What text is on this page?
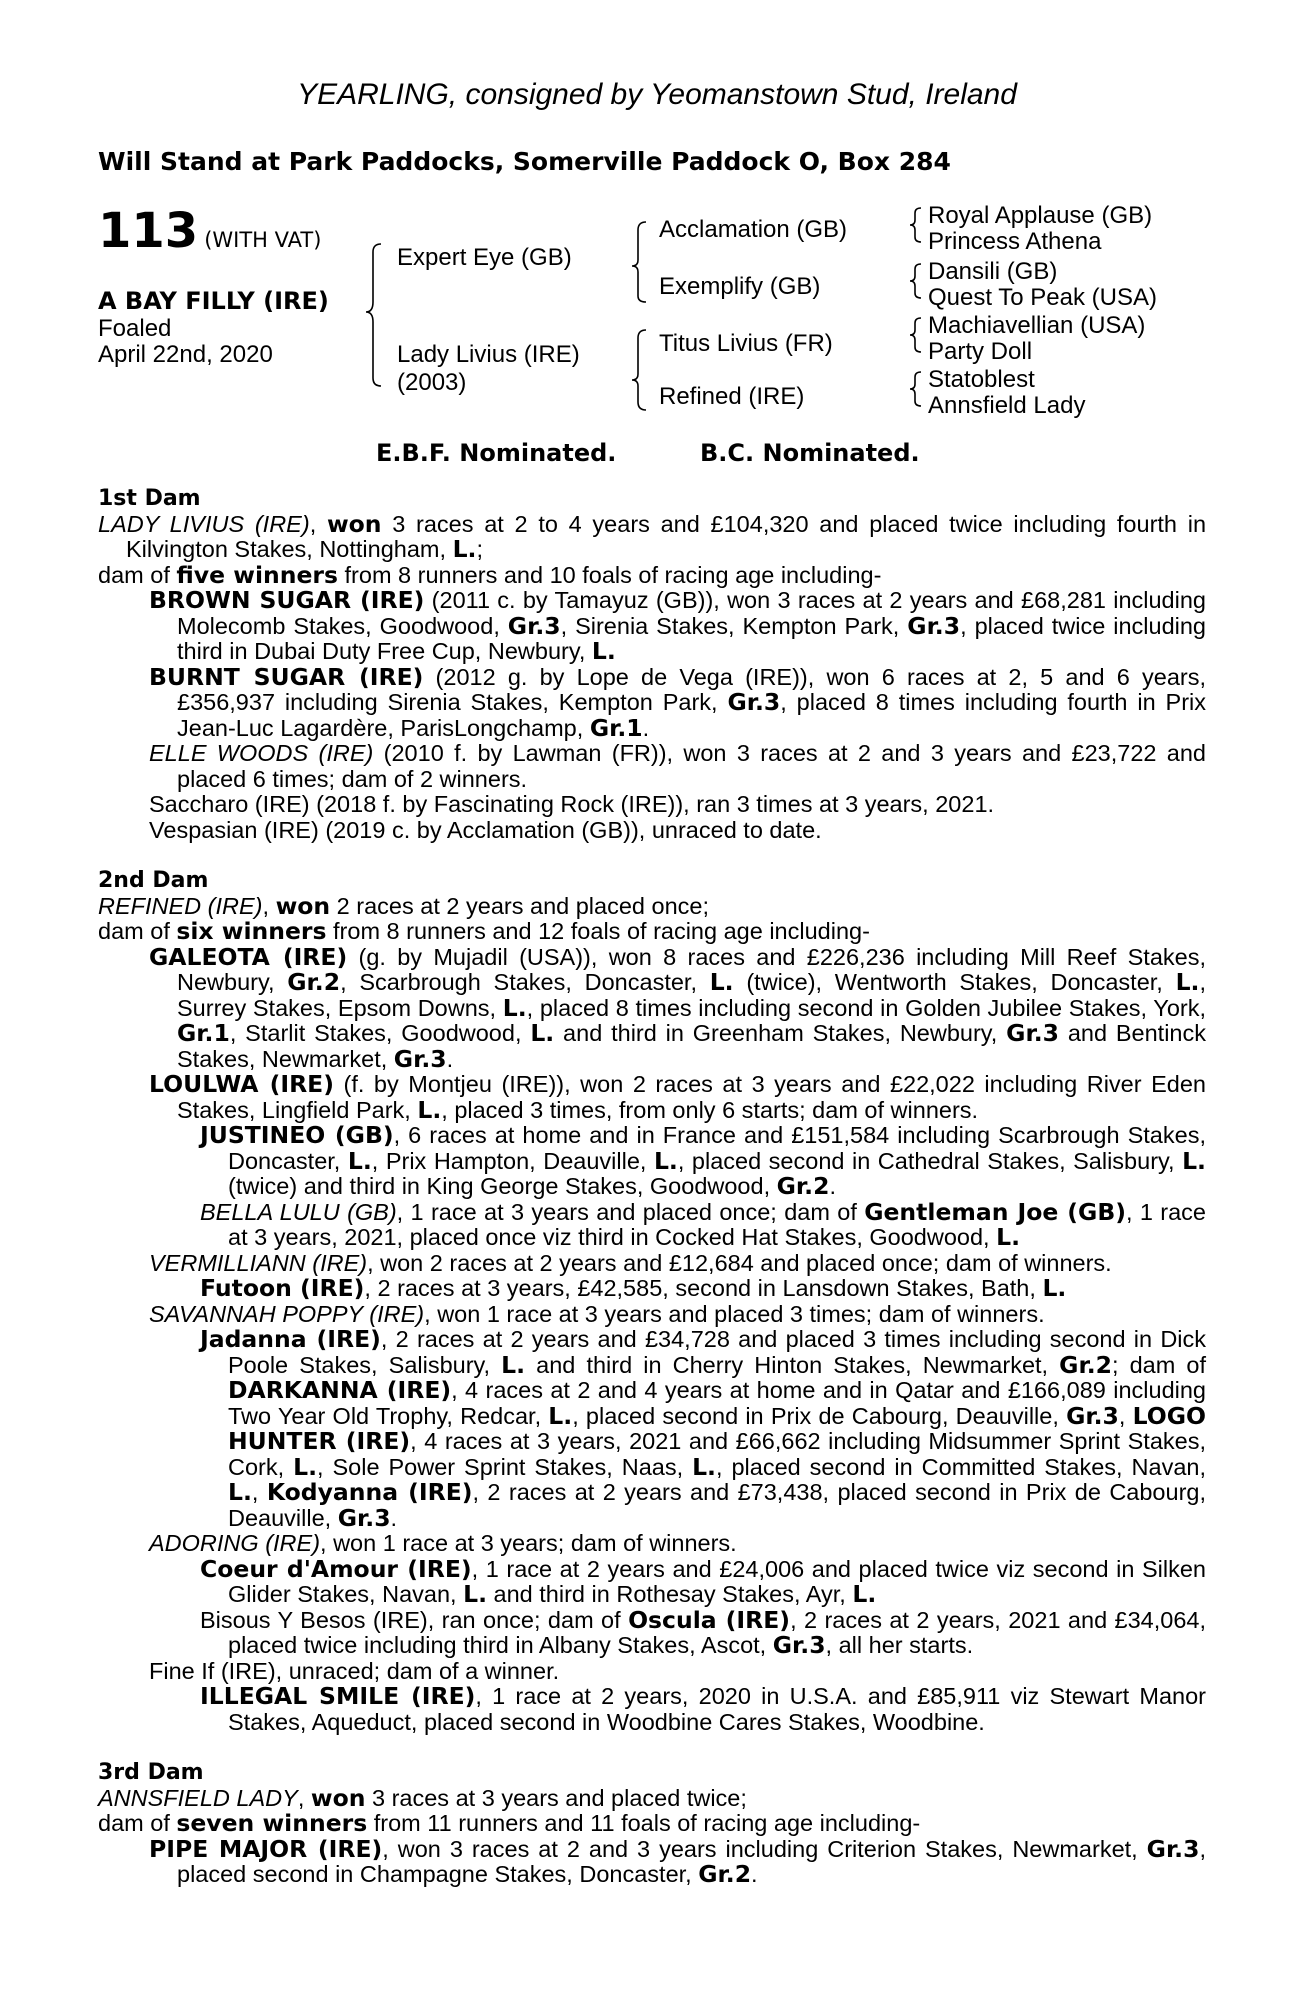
YEARLING, consigned by Yeomanstown Stud, Ireland
Will Stand at Park Paddocks, Somerville Paddock O, Box 284
113 (WITH VAT)
A BAY FILLY (IRE)
Foaled
April 22nd, 2020
Expert Eye (GB)
Lady Livius (IRE)
(2003)
Acclamation (GB)
Exemplify (GB)
Titus Livius (FR)
Refined (IRE)
Royal Applause (GB)
Princess Athena
Dansili (GB)
Quest To Peak (USA)
Machiavellian (USA)
Party Doll
Statoblest
Annsfield Lady
E.B.F. Nominated.	B.C. Nominated.
1st Dam
LADY LIVIUS (IRE), won 3 races at 2 to 4 years and £104,320 and placed twice including fourth in Kilvington Stakes, Nottingham, L.;
dam of five winners from 8 runners and 10 foals of racing age including-
BROWN SUGAR (IRE) (2011 c. by Tamayuz (GB)), won 3 races at 2 years and £68,281 including Molecomb Stakes, Goodwood, Gr.3, Sirenia Stakes, Kempton Park, Gr.3, placed twice including third in Dubai Duty Free Cup, Newbury, L.
BURNT SUGAR (IRE) (2012 g. by Lope de Vega (IRE)), won 6 races at 2, 5 and 6 years, £356,937 including Sirenia Stakes, Kempton Park, Gr.3, placed 8 times including fourth in Prix Jean-Luc Lagardère, ParisLongchamp, Gr.1.
ELLE WOODS (IRE) (2010 f. by Lawman (FR)), won 3 races at 2 and 3 years and £23,722 and placed 6 times; dam of 2 winners.
Saccharo (IRE) (2018 f. by Fascinating Rock (IRE)), ran 3 times at 3 years, 2021.
Vespasian (IRE) (2019 c. by Acclamation (GB)), unraced to date.
2nd Dam
REFINED (IRE), won 2 races at 2 years and placed once;
dam of six winners from 8 runners and 12 foals of racing age including-
GALEOTA (IRE) (g. by Mujadil (USA)), won 8 races and £226,236 including Mill Reef Stakes, Newbury, Gr.2, Scarbrough Stakes, Doncaster, L. (twice), Wentworth Stakes, Doncaster, L., Surrey Stakes, Epsom Downs, L., placed 8 times including second in Golden Jubilee Stakes, York, Gr.1, Starlit Stakes, Goodwood, L. and third in Greenham Stakes, Newbury, Gr.3 and Bentinck Stakes, Newmarket, Gr.3.
LOULWA (IRE) (f. by Montjeu (IRE)), won 2 races at 3 years and £22,022 including River Eden Stakes, Lingfield Park, L., placed 3 times, from only 6 starts; dam of winners.
JUSTINEO (GB), 6 races at home and in France and £151,584 including Scarbrough Stakes, Doncaster, L., Prix Hampton, Deauville, L., placed second in Cathedral Stakes, Salisbury, L. (twice) and third in King George Stakes, Goodwood, Gr.2.
BELLA LULU (GB), 1 race at 3 years and placed once; dam of Gentleman Joe (GB), 1 race at 3 years, 2021, placed once viz third in Cocked Hat Stakes, Goodwood, L.
VERMILLIANN (IRE), won 2 races at 2 years and £12,684 and placed once; dam of winners.
Futoon (IRE), 2 races at 3 years, £42,585, second in Lansdown Stakes, Bath, L.
SAVANNAH POPPY (IRE), won 1 race at 3 years and placed 3 times; dam of winners.
Jadanna (IRE), 2 races at 2 years and £34,728 and placed 3 times including second in Dick Poole Stakes, Salisbury, L. and third in Cherry Hinton Stakes, Newmarket, Gr.2; dam of DARKANNA (IRE), 4 races at 2 and 4 years at home and in Qatar and £166,089 including Two Year Old Trophy, Redcar, L., placed second in Prix de Cabourg, Deauville, Gr.3, LOGO HUNTER (IRE), 4 races at 3 years, 2021 and £66,662 including Midsummer Sprint Stakes, Cork, L., Sole Power Sprint Stakes, Naas, L., placed second in Committed Stakes, Navan, L., Kodyanna (IRE), 2 races at 2 years and £73,438, placed second in Prix de Cabourg, Deauville, Gr.3.
ADORING (IRE), won 1 race at 3 years; dam of winners.
Coeur d'Amour (IRE), 1 race at 2 years and £24,006 and placed twice viz second in Silken Glider Stakes, Navan, L. and third in Rothesay Stakes, Ayr, L.
Bisous Y Besos (IRE), ran once; dam of Oscula (IRE), 2 races at 2 years, 2021 and £34,064, placed twice including third in Albany Stakes, Ascot, Gr.3, all her starts.
Fine If (IRE), unraced; dam of a winner.
ILLEGAL SMILE (IRE), 1 race at 2 years, 2020 in U.S.A. and £85,911 viz Stewart Manor Stakes, Aqueduct, placed second in Woodbine Cares Stakes, Woodbine.
3rd Dam
ANNSFIELD LADY, won 3 races at 3 years and placed twice;
dam of seven winners from 11 runners and 11 foals of racing age including-
PIPE MAJOR (IRE), won 3 races at 2 and 3 years including Criterion Stakes, Newmarket, Gr.3, placed second in Champagne Stakes, Doncaster, Gr.2.
